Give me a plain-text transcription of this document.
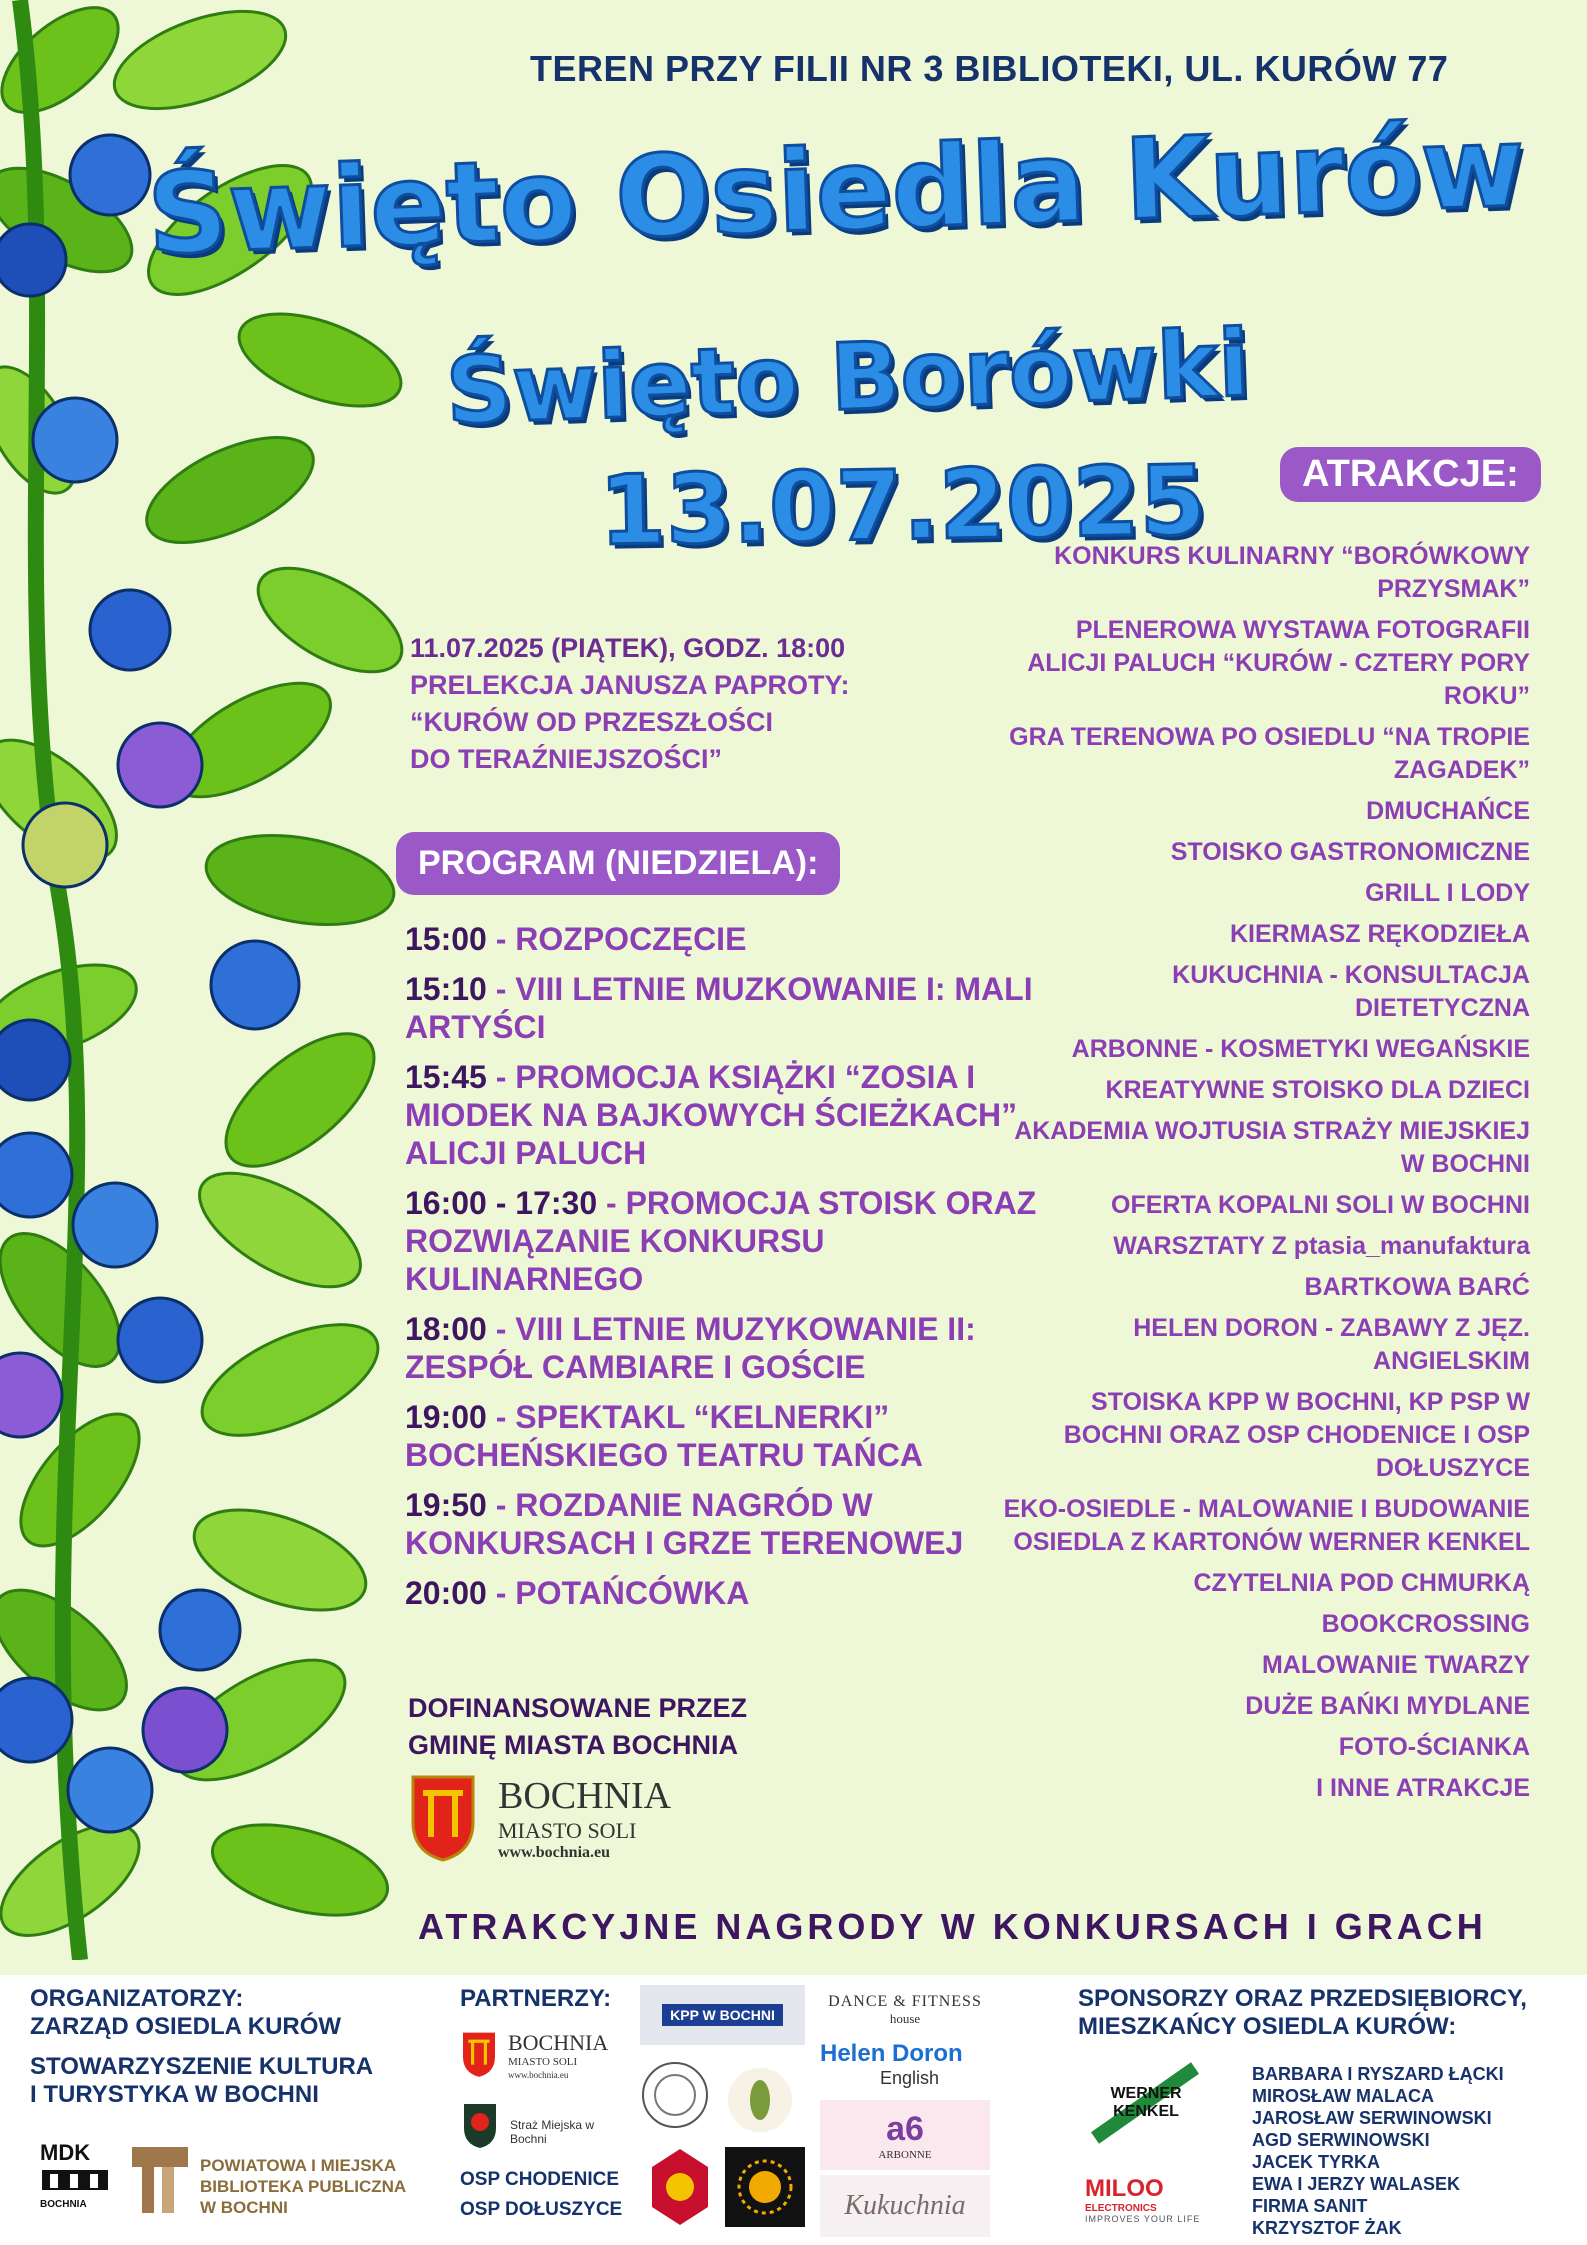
TEREN PRZY FILII NR 3 BIBLIOTEKI, UL. KURÓW 77
Święto Osiedla Kurów
Święto Borówki
13.07.2025	ATRAKCJE:
11.07.2025 (PIĄTEK), GODZ. 18:00
PRELEKCJA JANUSZA PAPROTY:
“KURÓW OD PRZESZŁOŚCI
DO TERAŹNIEJSZOŚCI”
PROGRAM (NIEDZIELA):
15:00 - ROZPOCZĘCIE
15:10 - VIII LETNIE MUZKOWANIE I: MALI ARTYŚCI
15:45 - PROMOCJA KSIĄŻKI “ZOSIA I MIODEK NA BAJKOWYCH ŚCIEŻKACH” ALICJI PALUCH
16:00 - 17:30 - PROMOCJA STOISK ORAZ ROZWIĄZANIE KONKURSU KULINARNEGO
18:00 - VIII LETNIE MUZYKOWANIE II: ZESPÓŁ CAMBIARE I GOŚCIE
19:00 - SPEKTAKL “KELNERKI” BOCHEŃSKIEGO TEATRU TAŃCA
19:50 - ROZDANIE NAGRÓD W KONKURSACH I GRZE TERENOWEJ
20:00 - POTAŃCÓWKA
KONKURS KULINARNY “BORÓWKOWY PRZYSMAK”
PLENEROWA WYSTAWA FOTOGRAFII ALICJI PALUCH “KURÓW - CZTERY PORY ROKU”
GRA TERENOWA PO OSIEDLU “NA TROPIE ZAGADEK”
DMUCHAŃCE
STOISKO GASTRONOMICZNE
GRILL I LODY
KIERMASZ RĘKODZIEŁA
KUKUCHNIA - KONSULTACJA DIETETYCZNA
ARBONNE - KOSMETYKI WEGAŃSKIE
KREATYWNE STOISKO DLA DZIECI
AKADEMIA WOJTUSIA STRAŻY MIEJSKIEJ W BOCHNI
OFERTA KOPALNI SOLI W BOCHNI
WARSZTATY Z ptasia_manufaktura
BARTKOWA BARĆ
HELEN DORON - ZABAWY Z JĘZ. ANGIELSKIM
STOISKA KPP W BOCHNI, KP PSP W BOCHNI ORAZ OSP CHODENICE I OSP DOŁUSZYCE
EKO-OSIEDLE - MALOWANIE I BUDOWANIE OSIEDLA Z KARTONÓW WERNER KENKEL
CZYTELNIA POD CHMURKĄ
BOOKCROSSING
MALOWANIE TWARZY
DUŻE BAŃKI MYDLANE
FOTO-ŚCIANKA
I INNE ATRAKCJE
DOFINANSOWANE PRZEZ
GMINĘ MIASTA BOCHNIA
BOCHNIA
MIASTO SOLI
www.bochnia.eu
ATRAKCYJNE NAGRODY W KONKURSACH I GRACH
ORGANIZATORZY:
ZARZĄD OSIEDLA KURÓW
STOWARZYSZENIE KULTURA
I TURYSTYKA W BOCHNI
MDK
BOCHNIA
POWIATOWA I MIEJSKA
BIBLIOTEKA PUBLICZNA
W BOCHNI
PARTNERZY:
BOCHNIA
MIASTO SOLI
www.bochnia.eu
Straż Miejska w Bochni
OSP CHODENICE
OSP DOŁUSZYCE
KPP W BOCHNI
DANCE & FITNESS
house
Helen Doron
English
a6
ARBONNE
Kukuchnia
SPONSORZY ORAZ PRZEDSIĘBIORCY,
MIESZKAŃCY OSIEDLA KURÓW:
WERNER KENKEL
MILOO
ELECTRONICS
IMPROVES YOUR LIFE
BARBARA I RYSZARD ŁĄCKI
MIROSŁAW MALACA
JAROSŁAW SERWINOWSKI
AGD SERWINOWSKI
JACEK TYRKA
EWA I JERZY WALASEK
FIRMA SANIT
KRZYSZTOF ŻAK
